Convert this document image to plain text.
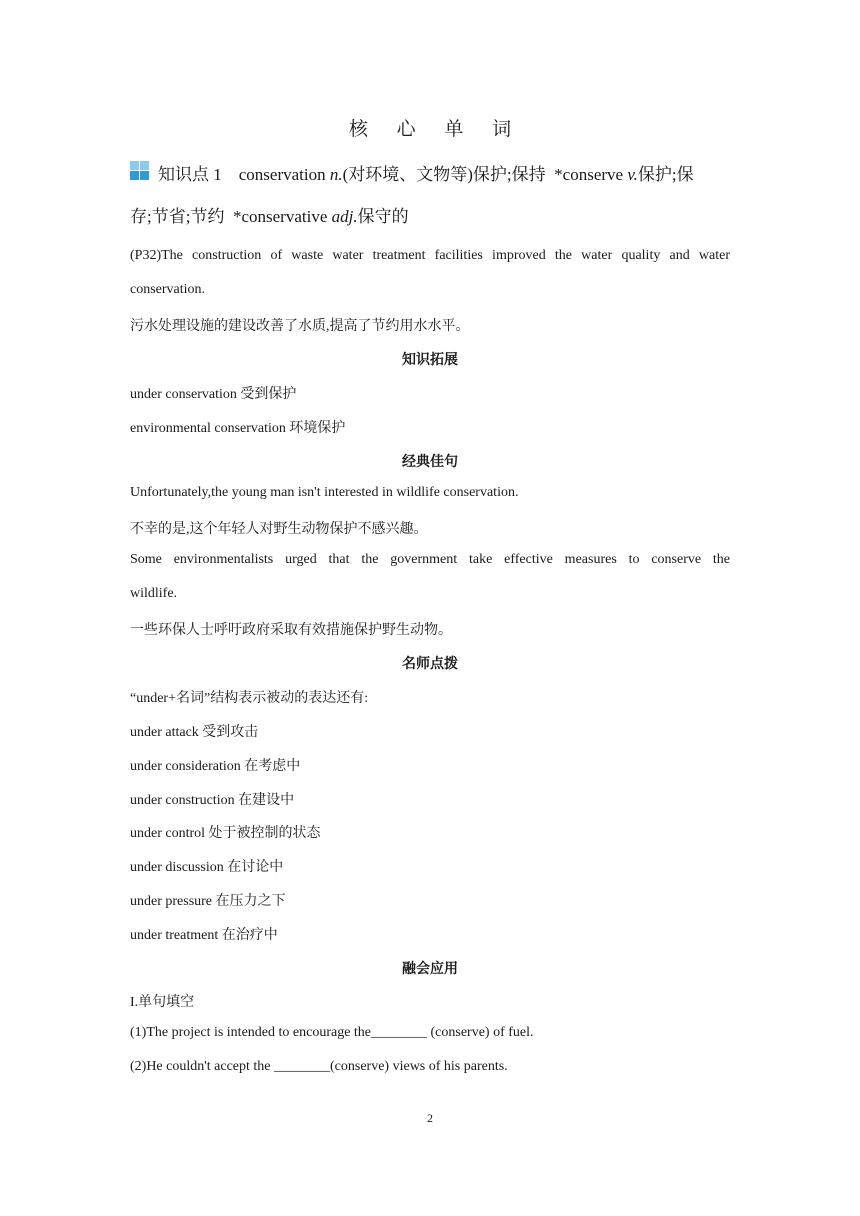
核 心 单 词
知识点 1 conservation n.(对环境、文物等)保护;保持 *conserve v.保护;保
存;节省;节约 *conservative adj.保守的
(P32)The construction of waste water treatment facilities improved the water quality and water
conservation.
污水处理设施的建设改善了水质,提高了节约用水水平。
知识拓展
under conservation 受到保护
environmental conservation 环境保护
经典佳句
Unfortunately,the young man isn't interested in wildlife conservation.
不幸的是,这个年轻人对野生动物保护不感兴趣。
Some environmentalists urged that the government take effective measures to conserve the
wildlife.
一些环保人士呼吁政府采取有效措施保护野生动物。
名师点拨
“under+名词”结构表示被动的表达还有:
under attack 受到攻击
under consideration 在考虑中
under construction 在建设中
under control 处于被控制的状态
under discussion 在讨论中
under pressure 在压力之下
under treatment 在治疗中
融会应用
I.单句填空
(1)The project is intended to encourage the________ (conserve) of fuel.
(2)He couldn't accept the ________(conserve) views of his parents.
2
